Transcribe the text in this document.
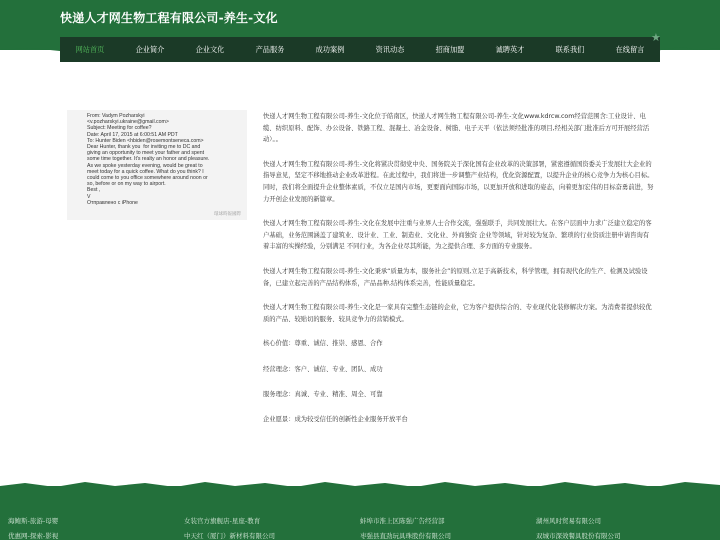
快递人才网生物工程有限公司-养生-文化
网站首页	企业简介	企业文化	产品服务	成功案例	资讯动态	招商加盟	诚聘英才	联系我们	在线留言
★
From: Vadym Pozharskyi
<v.pozharskyi.ukraine@gmail.com>
Subject: Meeting for coffee?
Date: April 17, 2015 at 6:00:51 AM PDT
To: Hunter Biden <hbiden@rosemontseneca.com>
Dear Hunter, thank you  for inviting me to DC and
giving an opportunity to meet your father and spent
some time together. It's realty an honor and pleasure.
As we spoke yesterday evening, would be great to
meet today for a quick coffee. What do you think? I
could come to you office somewhere around noon or
so, before or on my way to airport.
Best ,
V
Отправлено с iPhone
環球時報國際

快递人才网生物工程有限公司-养生-文化位于皓南区，快递人才网生物工程有限公司-养生-文化www.kdrcw.com经营范围含:工业设计、电缆、纺织原料、配饰、办公设备、铁路工程、混凝土、冶金设备、树脂、电子天平（依法须经批准的项目,经相关部门批准后方可开展经营活动）。。

快递人才网生物工程有限公司-养生-文化将紧决贯彻党中央、国务院关于深化国有企业改革的决策部署，紧密遵循国资委关于发展壮大企业的指导意见，坚定不移地推动企业改革进程。在此过程中，我们将进一步调整产业结构，优化资源配置，以提升企业的核心竞争力为核心目标。同时，我们将全面提升企业整体素质，不仅立足国内市场，更要面向国际市场，以更加开放和进取的姿态，向着更加宏伟的目标奋勇前进，努力开创企业发展的新篇章。

快递人才网生物工程有限公司-养生-文化在发展中注重与业界人士合作交流，强强联手，共同发展壮大。在客户层面中力求广泛建立稳定的客户基础，业务范围涵盖了建筑业、设计业、工业、制造业、文化业、外商独资 企业等领域，针对较为复杂、繁琐的行业资质注册申请咨询有着丰富的实操经验，分别满足 不同行业，为各企业尽其所能，为之提供合理、多方面的专业服务。

快递人才网生物工程有限公司-养生-文化秉承“质量为本，服务社会”的原则,立足于高新技术，科学管理，拥有现代化的生产、检测及试验设备，已建立起完善的产品结构体系，产品品种,结构体系完善，性能质量稳定。

快递人才网生物工程有限公司-养生-文化是一家具有完整生态链的企业，它为客户提供综合的、专业现代化装修解决方案。为消费者提供较优质的产品、较贴切的服务、较具竞争力的营销模式。

核心价值：尊重、诚信、推崇、感恩、合作

经营理念：客户、诚信、专业、团队、成功

服务理念：真诚、专业、精准、周全、可靠

企业愿景：成为较受信任的创新性企业服务开放平台

海鲍斯-旅游-母婴	女装官方旗舰店-星座-教育	蚌埠市淮上区陈强广告经营部	湖州风时贸易有限公司
优惠网-探索-影视	中天红（厦门）新材料有限公司	枣强县直劲玩具珠股份有限公司	双城市深效餐具股份有限公司
